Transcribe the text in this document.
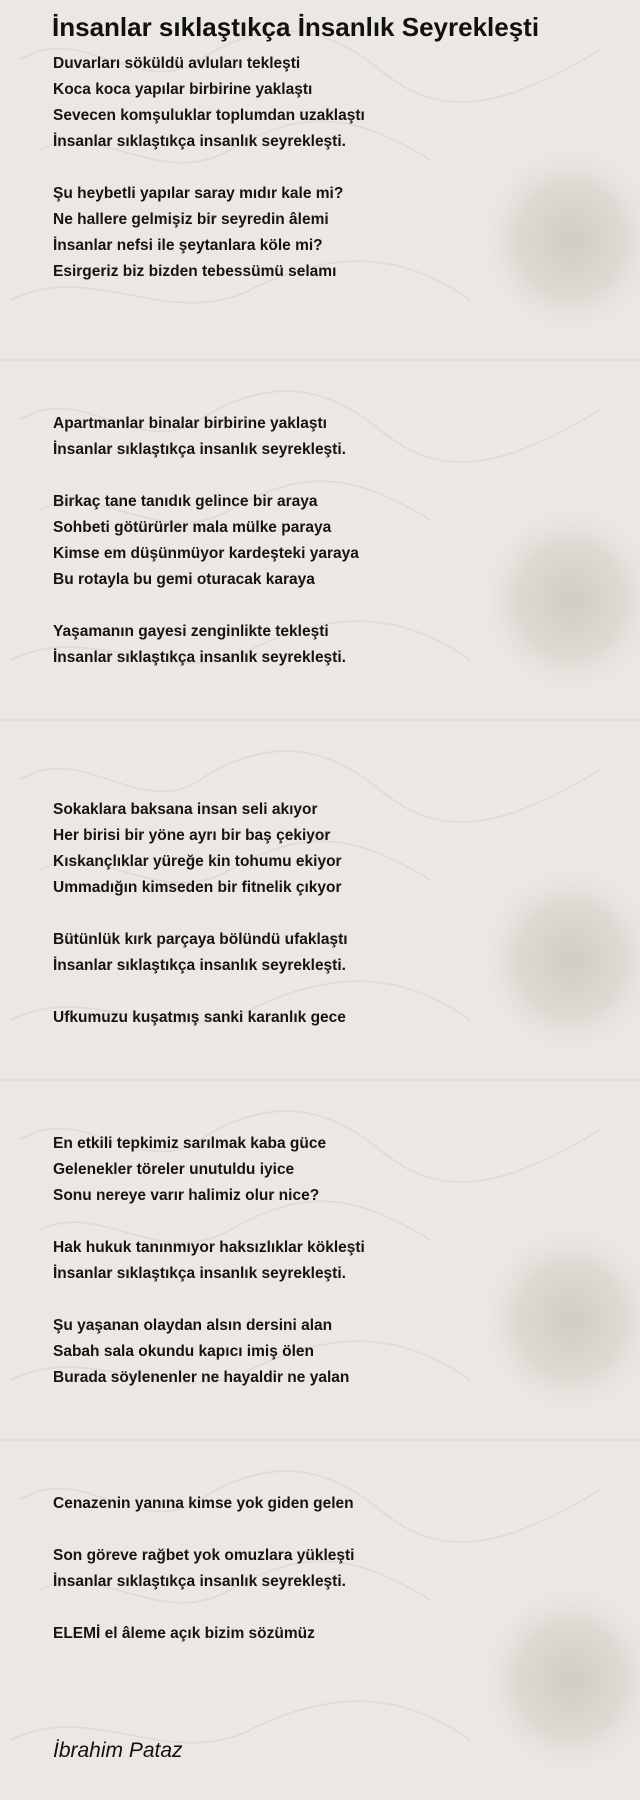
İnsanlar sıklaştıkça İnsanlık Seyrekleşti
Duvarları söküldü avluları tekleşti
Koca koca yapılar birbirine yaklaştı
Sevecen komşuluklar toplumdan uzaklaştı
İnsanlar sıklaştıkça insanlık seyrekleşti.
Şu heybetli yapılar saray mıdır kale mi?
Ne hallere gelmişiz bir seyredin âlemi
İnsanlar nefsi ile şeytanlara köle mi?
Esirgeriz biz bizden tebessümü selamı
Apartmanlar binalar birbirine yaklaştı
İnsanlar sıklaştıkça insanlık seyrekleşti.
Birkaç tane tanıdık gelince bir araya
Sohbeti götürürler mala mülke paraya
Kimse em düşünmüyor kardeşteki yaraya
Bu rotayla bu gemi oturacak karaya
Yaşamanın gayesi zenginlikte tekleşti
İnsanlar sıklaştıkça insanlık seyrekleşti.
Sokaklara baksana insan seli akıyor
Her birisi bir yöne ayrı bir baş çekiyor
Kıskançlıklar yüreğe kin tohumu ekiyor
Ummadığın kimseden bir fitnelik çıkyor
Bütünlük kırk parçaya bölündü ufaklaştı
İnsanlar sıklaştıkça insanlık seyrekleşti.
Ufkumuzu kuşatmış sanki karanlık gece
En etkili tepkimiz sarılmak kaba güce
Gelenekler töreler unutuldu iyice
Sonu nereye varır halimiz olur nice?
Hak hukuk tanınmıyor haksızlıklar kökleşti
İnsanlar sıklaştıkça insanlık seyrekleşti.
Şu yaşanan olaydan alsın dersini alan
Sabah sala okundu kapıcı imiş ölen
Burada söylenenler ne hayaldir ne yalan
Cenazenin yanına kimse yok giden gelen
Son göreve rağbet yok omuzlara yükleşti
İnsanlar sıklaştıkça insanlık seyrekleşti.
ELEMİ el âleme açık bizim sözümüz
İbrahim Pataz
